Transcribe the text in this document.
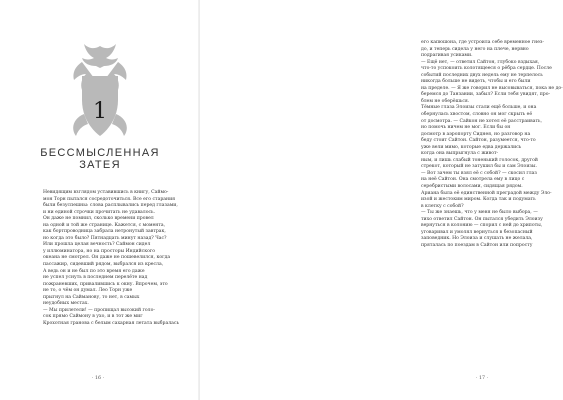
1
БЕССМЫСЛЕННАЯ ЗАТЕЯ
Невидящим взглядом уставившись в книгу, Саймо-
мон Торн пытался сосредоточиться. Все его старания
были безуспешны: слова расплывались перед глазами,
и ни единой строчки прочитать не удавалось.
Он даже не помнил, сколько времени провел
на одной и той же странице. Кажется, с момента,
как бортпроводница забрала нетронутый завтрак,
но когда это было? Пятнадцать минут назад? Час?
Или прошла целая вечность? Саймон сидел
у иллюминатора, но на просторы Индийского
океана не смотрел. Он даже не пошевелился, когда
пассажир, сидевший рядом, выбрался из кресла,
А ведь он и не был по это время его даже
не успел уснуть в последнем перелёте над
пожраневших, привалившись к окну. Впрочем, это
не то, о чём он думал. Лео Торн уже
прыгнул на Сайманову, то нет, в самых
неудобных местах.
— Мы прилетели! — пропищал высокий голо-
сок прямо Саймону в ухо, и в тот же миг
Крохотная гранова с белым сахарная летата выбралась
· 16 ·
его капюшона, где устроила себе временное гнез-
до, и теперь сидела у него на плече, нервно
подрагивая усиками.
— Ещё нет, — ответил Сайтон, глубоко вздыхая,
что-то успокоить колотящееся о рёбра сердце. После
событий последних двух недель ему не терпелось
никогда больше не видеть, чтобы и его были
на пределе. — Я же говорил не высовываться, пока не до-
беремся до Танзании, забыл? Если тебя увидят, про-
блем не оберёшься.
Тёмные глаза Элоизы стали ещё больше, и она
обернулась хвостом, словно он мог скрыть её
от досмотра. — Сайкон не хотел её расстраивать,
но помочь ничем не мог. Если бы он
досмотр в аэропорту Сиднея, но разговор на
беду стоит Сайтон. Сайтон, разумеется, что-то
уже вели мимо, которые едва держались
когда она выпрыгнула с живот-
ным, и лишь слабый тоненький голосок, другой
стрекот, который не затушил бы и сам Элоизы.
— Вот зачем ты взял её с собой? — скосил глаз
на неё Сайтон. Она смотрела ему в лицо с
серебристыми волосами, сидящая рядом.
Ариана была её единственной преградой между Эло-
изой и жестоким миром. Когда так и подумать
в клетку с собой?
— Ты же знаешь, что у меня не было выбора, —
тихо ответил Сайтон. Он пытался убедить Элоизу
вернуться в колонию — спорил с ней до хрипоты,
уговаривал и умолял вернуться в безопасный
заповедник. Но Элоиза и слушать не желала,
пряталась по поездам в Сайтон или попросту
· 17 ·
